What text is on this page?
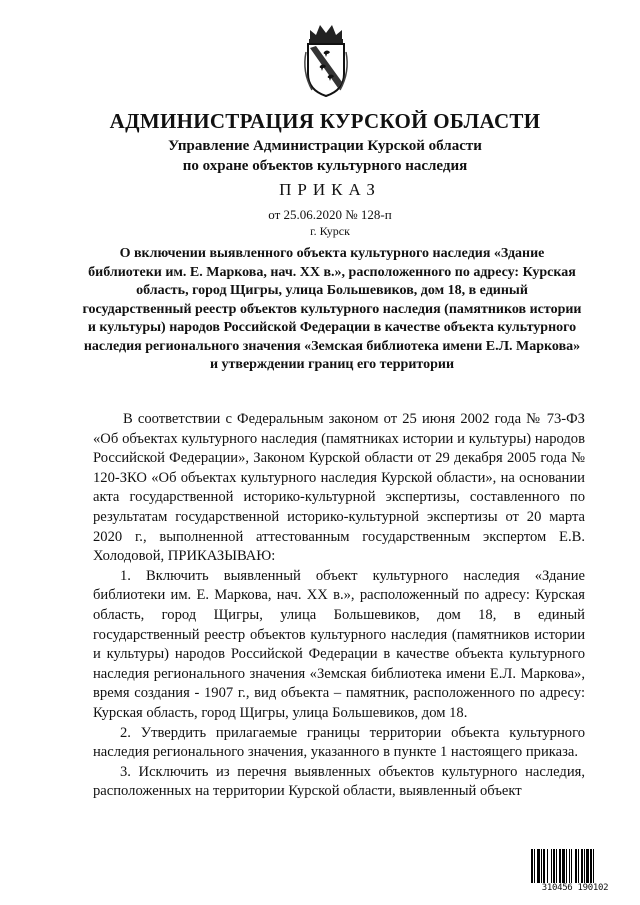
АДМИНИСТРАЦИЯ КУРСКОЙ ОБЛАСТИ
Управление Администрации Курской области
по охране объектов культурного наследия
ПРИКАЗ
от 25.06.2020 № 128-п
г. Курск
О включении выявленного объекта культурного наследия «Здание библиотеки им. Е. Маркова, нач. XX в.», расположенного по адресу: Курская область, город Щигры, улица Большевиков, дом 18, в единый государственный реестр объектов культурного наследия (памятников истории и культуры) народов Российской Федерации в качестве объекта культурного наследия регионального значения «Земская библиотека имени Е.Л. Маркова» и утверждении границ его территории

В соответствии с Федеральным законом от 25 июня 2002 года № 73-ФЗ «Об объектах культурного наследия (памятниках истории и культуры) народов Российской Федерации», Законом Курской области от 29 декабря 2005 года № 120-ЗКО «Об объектах культурного наследия Курской области», на основании акта государственной историко-культурной экспертизы, составленного по результатам государственной историко-культурной экспертизы от 20 марта 2020 г., выполненной аттестованным государственным экспертом Е.В. Холодовой, ПРИКАЗЫВАЮ:

1. Включить выявленный объект культурного наследия «Здание библиотеки им. Е. Маркова, нач. XX в.», расположенный по адресу: Курская область, город Щигры, улица Большевиков, дом 18, в единый государственный реестр объектов культурного наследия (памятников истории и культуры) народов Российской Федерации в качестве объекта культурного наследия регионального значения «Земская библиотека имени Е.Л. Маркова», время создания - 1907 г., вид объекта – памятник, расположенного по адресу: Курская область, город Щигры, улица Большевиков, дом 18.

2. Утвердить прилагаемые границы территории объекта культурного наследия регионального значения, указанного в пункте 1 настоящего приказа.

3. Исключить из перечня выявленных объектов культурного наследия, расположенных на территории Курской области, выявленный объект

310456 190102
